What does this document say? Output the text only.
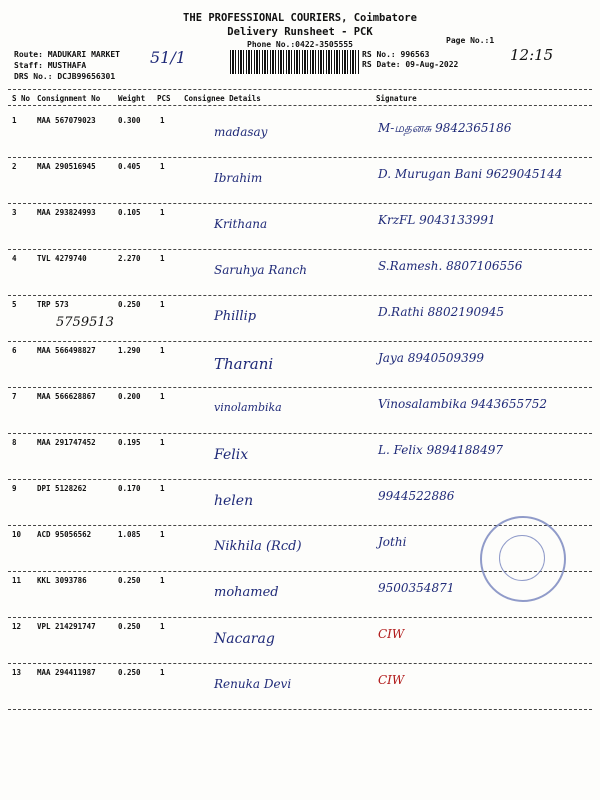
THE PROFESSIONAL COURIERS, Coimbatore
Delivery Runsheet - PCK
Phone No.:0422-3505555	Page No.:1
Route: MADUKARI MARKET
Staff: MUSTHAFA
DRS No.: DCJB99656301
51/1	RS No.: 996563
RS Date: 09-Aug-2022
12:15
S No Consignment No Weight PCS Consignee Details	Signature
1	MAA 567079023	0.300	1
madasay	M-மதனசு 9842365186
2	MAA 290516945	0.405	1
Ibrahim	D. Murugan Bani 9629045144
3	MAA 293824993	0.105	1
Krithana	KrzFL 9043133991
4	TVL 4279740	2.270	1
Saruhya Ranch	S.Ramesh. 8807106556
5	TRP 573	0.250	1
Phillip	D.Rathi 8802190945
5759513
6	MAA 566498827	1.290	1
Tharani	Jaya 8940509399
7	MAA 566628867	0.200	1
vinolambika	Vinosalambika 9443655752
8	MAA 291747452	0.195	1
Felix	L. Felix 9894188497
9	DPI 5128262	0.170	1
helen	9944522886
10 ACD 95056562	1.085	1
Nikhila (Rcd)	Jothi
11 KKL 3093786	0.250	1
mohamed	9500354871
12 VPL 214291747	0.250	1
Nacarag	CIW
13 MAA 294411987	0.250	1
Renuka Devi	CIW
